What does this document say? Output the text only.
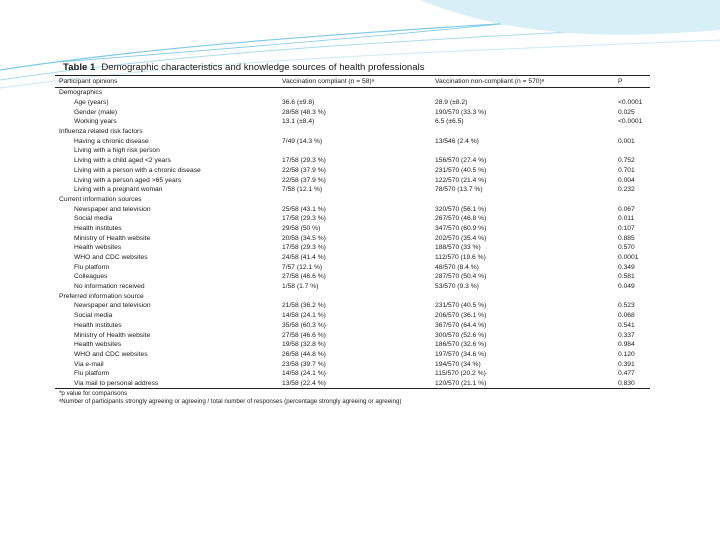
Table 1 Demographic characteristics and knowledge sources of health professionals
Participant opinions	Vaccination compliant (n = 58)ᵃ	Vaccination non-compliant (n = 570)ᵃ	P
Demographics			
Age (years)	36.6 (±9.8)	28.9 (±8.2)	<0.0001
Gender (male)	28/58 (48.3 %)	190/570 (33.3 %)	0.025
Working years	13.1 (±8.4)	6.5 (±6.5)	<0.0001
Influenza related risk factors			
Having a chronic disease	7/49 (14.3 %)	13/546 (2.4 %)	0.001
Living with a high risk person			
Living with a child aged <2 years	17/58 (29.3 %)	156/570 (27.4 %)	0.752
Living with a person with a chronic disease	22/58 (37.9 %)	231/570 (40.5 %)	0.701
Living with a person aged >65 years	22/58 (37.9 %)	122/570 (21.4 %)	0.004
Living with a pregnant woman	7/58 (12.1 %)	78/570 (13.7 %)	0.232
Current information sources			
Newspaper and television	25/58 (43.1 %)	320/570 (56.1 %)	0.067
Social media	17/58 (29.3 %)	267/570 (46.8 %)	0.011
Health institutes	29/58 (50 %)	347/570 (60.9 %)	0.107
Ministry of Health website	20/58 (34.5 %)	202/570 (35.4 %)	0.885
Health websites	17/58 (29.3 %)	188/570 (33 %)	0.570
WHO and CDC websites	24/58 (41.4 %)	112/570 (19.6 %)	0.0001
Flu platform	7/57 (12.1 %)	48/570 (8.4 %)	0.349
Colleagues	27/58 (46.6 %)	287/570 (50.4 %)	0.581
No information received	1/58 (1.7 %)	53/570 (9.3 %)	0.049
Preferred information source			
Newspaper and television	21/58 (36.2 %)	231/570 (40.5 %)	0.523
Social media	14/58 (24.1 %)	206/570 (36.1 %)	0.068
Health institutes	35/58 (60.3 %)	367/570 (64.4 %)	0.541
Ministry of Health website	27/58 (46.6 %)	300/570 (52.6 %)	0.337
Health websites	19/58 (32.8 %)	186/570 (32.6 %)	0.984
WHO and CDC websites	26/58 (44.8 %)	197/570 (34.6 %)	0.120
Via e-mail	23/58 (39.7 %)	194/570 (34 %)	0.391
Flu platform	14/58 (24.1 %)	115/570 (20.2 %)	0.477
Via mail to personal address	13/58 (22.4 %)	120/570 (21.1 %)	0.830
*p value for comparisons
ᵃNumber of participants strongly agreeing or agreeing / total number of responses (percentage strongly agreeing or agreeing)
